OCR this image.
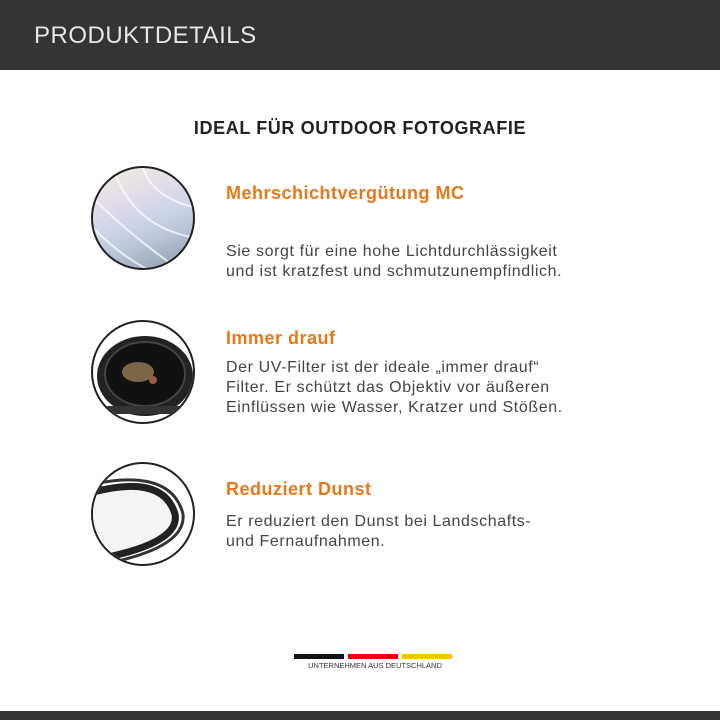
PRODUKTDETAILS
IDEAL FÜR OUTDOOR FOTOGRAFIE
Mehrschichtvergütung MC
Sie sorgt für eine hohe Lichtdurchlässigkeit
und ist kratzfest und schmutzunempfindlich.
Immer drauf
Der UV-Filter ist der ideale „immer drauf“
Filter. Er schützt das Objektiv vor äußeren
Einflüssen wie Wasser, Kratzer und Stößen.
Reduziert Dunst
Er reduziert den Dunst bei Landschafts-
und Fernaufnahmen.
UNTERNEHMEN AUS DEUTSCHLAND
